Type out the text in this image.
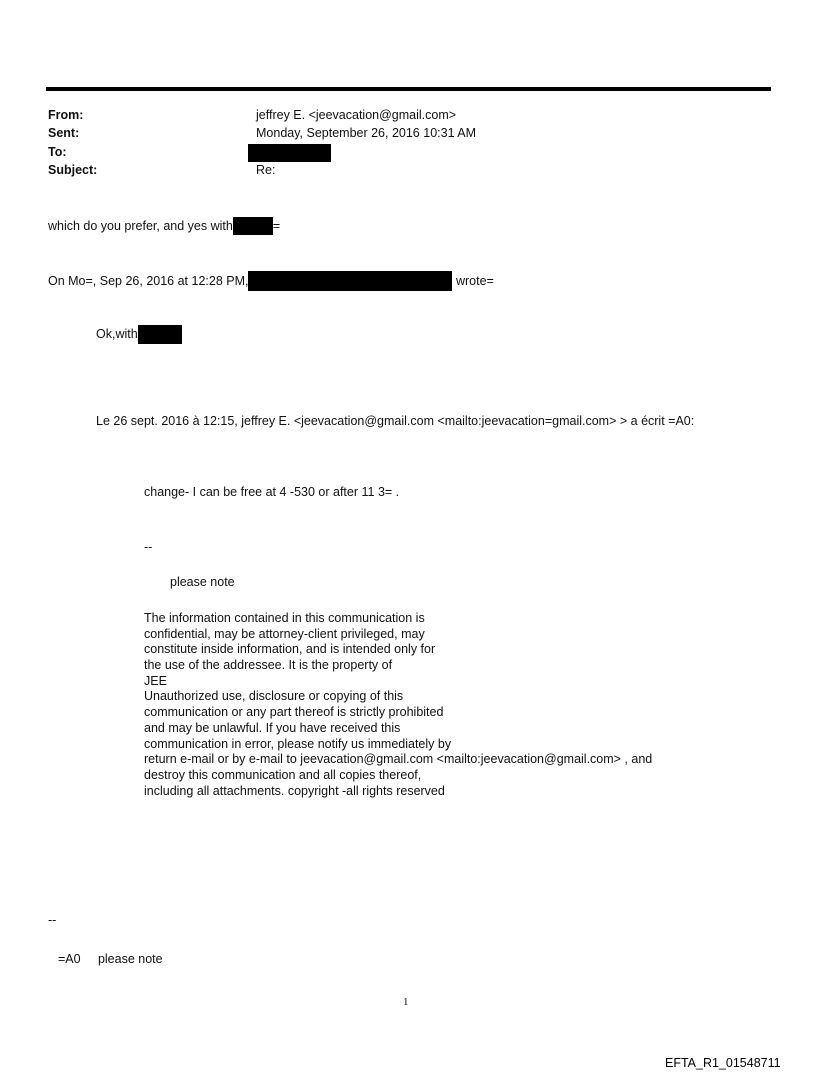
From:	jeffrey E. <jeevacation@gmail.com>
Sent:	Monday, September 26, 2016 10:31 AM
To:
Subject:	Re:
which do you prefer, and yes with	=
On Mo=, Sep 26, 2016 at 12:28 PM,	wrote=
Ok,with
Le 26 sept. 2016 à 12:15, jeffrey E. <jeevacation@gmail.com <mailto:jeevacation=gmail.com> > a écrit =A0:
change- I can be free at 4 -530 or after 11 3= .
--
please note
The information contained in this communication is
confidential, may be attorney-client privileged, may
constitute inside information, and is intended only for
the use of the addressee. It is the property of
JEE
Unauthorized use, disclosure or copying of this
communication or any part thereof is strictly prohibited
and may be unlawful. If you have received this
communication in error, please notify us immediately by
return e-mail or by e-mail to jeevacation@gmail.com <mailto:jeevacation@gmail.com> , and
destroy this communication and all copies thereof,
including all attachments. copyright -all rights reserved
--
=A0     please note
1
EFTA_R1_01548711
